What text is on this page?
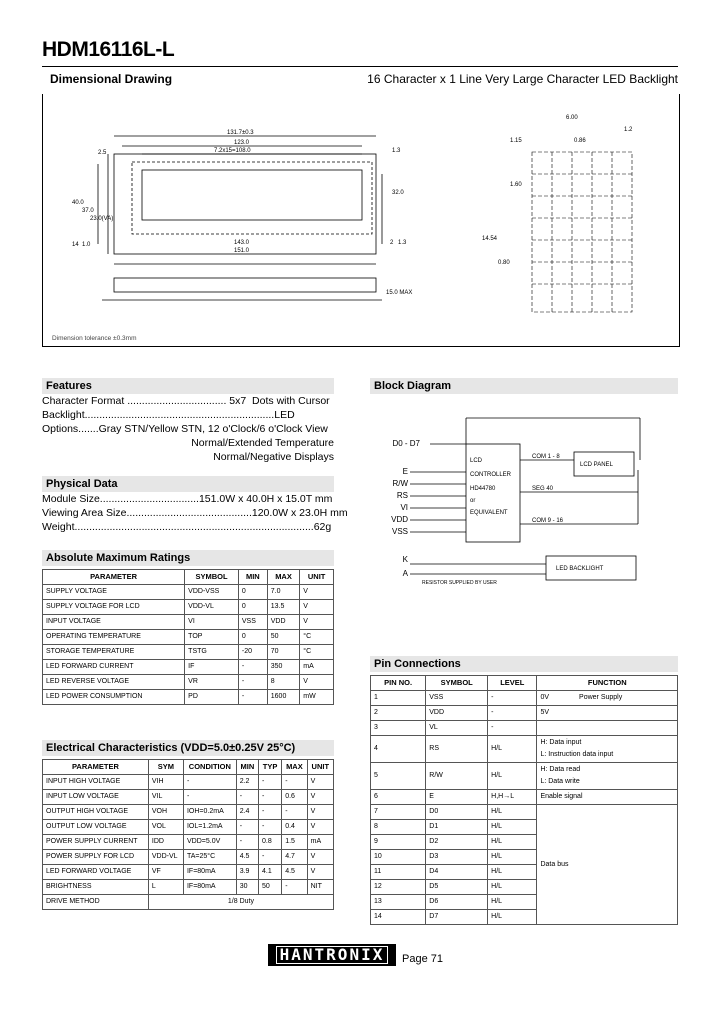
HDM16116L-L
Dimensional Drawing	16 Character x 1 Line Very Large Character LED Backlight
131.7±0.3
2.5
123.0
7.2x15=108.0	1.3
40.0
37.0
23.0(VA)
32.0
14 1.0	143.0
151.0
2 1.3
15.0 MAX
6.00
1.2
1.15	0.86
1.60
14.54
0.80
Dimension tolerance ±0.3mm
Features
Character Format .................................. 5x7  Dots with Cursor
Backlight.................................................................LED
Options.......Gray STN/Yellow STN, 12 o'Clock/6 o'Clock View
Normal/Extended Temperature
Normal/Negative Displays
Physical Data
Module Size..................................151.0W x 40.0H x 15.0T mm
Viewing Area Size...........................................120.0W x 23.0H mm
Weight..................................................................................62g
Absolute Maximum Ratings
PARAMETER	SYMBOL	MIN	MAX	UNIT
SUPPLY VOLTAGE	VDD-VSS	0	7.0	V
SUPPLY VOLTAGE FOR LCD	VDD-VL	0	13.5	V
INPUT VOLTAGE	VI	VSS	VDD	V
OPERATING TEMPERATURE	TOP	0	50	°C
STORAGE TEMPERATURE	TSTG	-20	70	°C
LED FORWARD CURRENT	IF	-	350	mA
LED REVERSE VOLTAGE	VR	-	8	V
LED POWER CONSUMPTION	PD	-	1600	mW
Electrical Characteristics (VDD=5.0±0.25V 25°C)
PARAMETER	SYM	CONDITION	MIN	TYP	MAX	UNIT
INPUT HIGH VOLTAGE	VIH	-	2.2	-	-	V
INPUT LOW VOLTAGE	VIL	-	-	-	0.6	V
OUTPUT HIGH VOLTAGE	VOH	IOH=0.2mA	2.4	-	-	V
OUTPUT LOW VOLTAGE	VOL	IOL=1.2mA	-	-	0.4	V
POWER SUPPLY CURRENT	IDD	VDD=5.0V	-	0.8	1.5	mA
POWER SUPPLY FOR LCD	VDD-VL	TA=25°C	4.5	-	4.7	V
LED FORWARD VOLTAGE	VF	IF=80mA	3.9	4.1	4.5	V
BRIGHTNESS	L	IF=80mA	30	50	-	NIT
DRIVE METHOD	1/8 Duty					
Block Diagram
D0 - D7
E
R/W
RS
VI
VDD
VSS
K
A
LCD
CONTROLLER
HD44780
or
EQUIVALENT
COM 1 - 8
LCD PANEL
SEG 40
COM 9 - 16
LED BACKLIGHT
RESISTOR SUPPLIED BY USER
Pin Connections
PIN NO.	SYMBOL	LEVEL	FUNCTION
1	VSS	-	0V Power Supply
2	VDD	-	5V
3	VL	-	
4	RS	H/L	H: Data input
L: Instruction data input

5	R/W	H/L	H: Data read
L: Data write

6	E	H,H→L	Enable signal
7	D0	H/L	Data bus
8	D1	H/L	
9	D2	H/L	
10	D3	H/L	
11	D4	H/L	
12	D5	H/L	
13	D6	H/L	
14	D7	H/L	
HANTRONIX	Page 71
